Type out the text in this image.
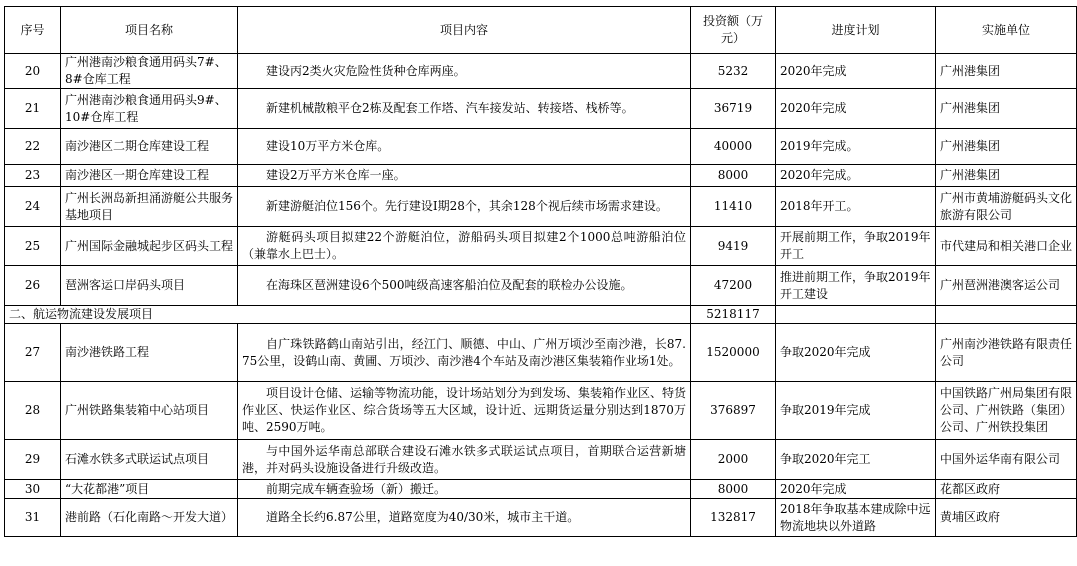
序号	项目名称	项目内容	投资额（万元）	进度计划	实施单位
20	广州港南沙粮食通用码头7#、8#仓库工程	建设丙2类火灾危险性货种仓库两座。	5232	2020年完成	广州港集团
21	广州港南沙粮食通用码头9#、10#仓库工程	新建机械散粮平仓2栋及配套工作塔、汽车接发站、转接塔、栈桥等。	36719	2020年完成	广州港集团
22	南沙港区二期仓库建设工程	建设10万平方米仓库。	40000	2019年完成。	广州港集团
23	南沙港区一期仓库建设工程	建设2万平方米仓库一座。	8000	2020年完成。	广州港集团
24	广州长洲岛新担涌游艇公共服务基地项目	新建游艇泊位156个。先行建设I期28个，其余128个视后续市场需求建设。	11410	2018年开工。	广州市黄埔游艇码头文化旅游有限公司
25	广州国际金融城起步区码头工程	游艇码头项目拟建22个游艇泊位，游船码头项目拟建2个1000总吨游船泊位（兼靠水上巴士）。	9419	开展前期工作，争取2019年开工	市代建局和相关港口企业
26	琶洲客运口岸码头项目	在海珠区琶洲建设6个500吨级高速客船泊位及配套的联检办公设施。	47200	推进前期工作，争取2019年开工建设	广州琶洲港澳客运公司
二、航运物流建设发展项目			5218117		
27	南沙港铁路工程	自广珠铁路鹤山南站引出，经江门、顺德、中山、广州万顷沙至南沙港，长87.75公里，设鹤山南、黄圃、万顷沙、南沙港4个车站及南沙港区集装箱作业场1处。	1520000	争取2020年完成	广州南沙港铁路有限责任公司
28	广州铁路集装箱中心站项目	项目设计仓储、运输等物流功能，设计场站划分为到发场、集装箱作业区、特货作业区、快运作业区、综合货场等五大区域，设计近、远期货运量分别达到1870万吨、2590万吨。	376897	争取2019年完成	中国铁路广州局集团有限公司、广州铁路（集团）公司、广州铁投集团
29	石滩水铁多式联运试点项目	与中国外运华南总部联合建设石滩水铁多式联运试点项目，首期联合运营新塘港，并对码头设施设备进行升级改造。	2000	争取2020年完工	中国外运华南有限公司
30	“大花都港”项目	前期完成车辆查验场（新）搬迁。	8000	2020年完成	花都区政府
31	港前路（石化南路～开发大道）	道路全长约6.87公里，道路宽度为40/30米，城市主干道。	132817	2018年争取基本建成除中远物流地块以外道路	黄埔区政府
